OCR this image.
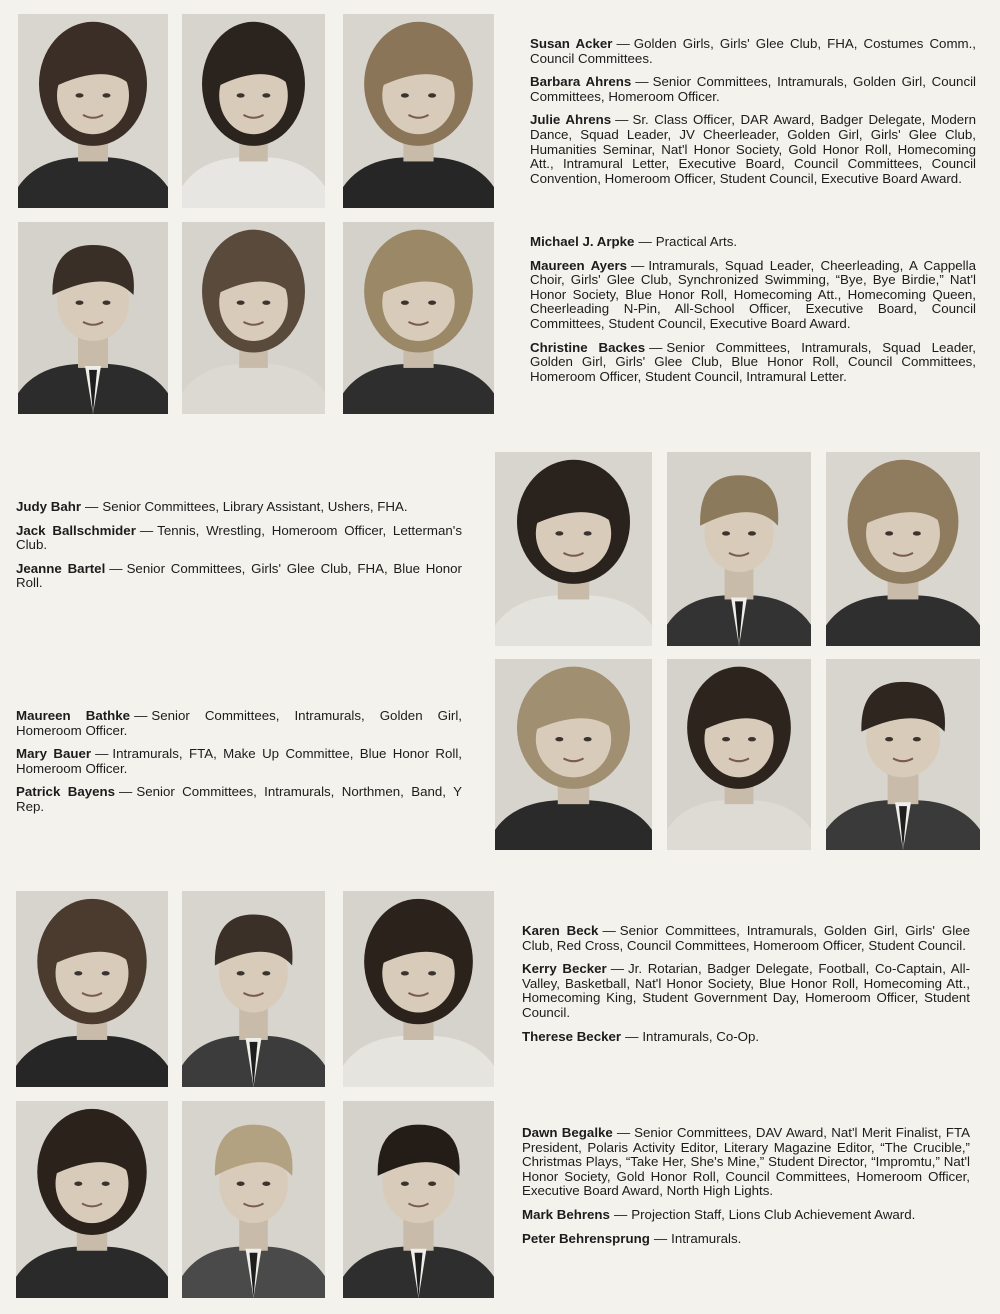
Susan Acker — Golden Girls, Girls' Glee Club, FHA, Costumes Comm., Council Committees.

Barbara Ahrens — Senior Committees, Intramurals, Golden Girl, Council Committees, Homeroom Officer.

Julie Ahrens — Sr. Class Officer, DAR Award, Badger Delegate, Modern Dance, Squad Leader, JV Cheerleader, Golden Girl, Girls' Glee Club, Humanities Seminar, Nat'l Honor Society, Gold Honor Roll, Homecoming Att., Intramural Letter, Executive Board, Council Committees, Council Convention, Homeroom Officer, Student Council, Executive Board Award.

Michael J. Arpke — Practical Arts.

Maureen Ayers — Intramurals, Squad Leader, Cheerleading, A Cappella Choir, Girls' Glee Club, Synchronized Swimming, “Bye, Bye Birdie,” Nat'l Honor Society, Blue Honor Roll, Homecoming Att., Homecoming Queen, Cheerleading N-Pin, All-School Officer, Executive Board, Council Committees, Student Council, Executive Board Award.

Christine Backes — Senior Committees, Intramurals, Squad Leader, Golden Girl, Girls' Glee Club, Blue Honor Roll, Council Committees, Homeroom Officer, Student Council, Intramural Letter.

Judy Bahr — Senior Committees, Library Assistant, Ushers, FHA.

Jack Ballschmider — Tennis, Wrestling, Homeroom Officer, Letterman's Club.

Jeanne Bartel — Senior Committees, Girls' Glee Club, FHA, Blue Honor Roll.

Maureen Bathke — Senior Committees, Intramurals, Golden Girl, Homeroom Officer.

Mary Bauer — Intramurals, FTA, Make Up Committee, Blue Honor Roll, Homeroom Officer.

Patrick Bayens — Senior Committees, Intramurals, Northmen, Band, Y Rep.

Karen Beck — Senior Committees, Intramurals, Golden Girl, Girls' Glee Club, Red Cross, Council Committees, Homeroom Officer, Student Council.

Kerry Becker — Jr. Rotarian, Badger Delegate, Football, Co-Captain, All-Valley, Basketball, Nat'l Honor Society, Blue Honor Roll, Homecoming Att., Homecoming King, Student Government Day, Homeroom Officer, Student Council.

Therese Becker — Intramurals, Co-Op.

Dawn Begalke — Senior Committees, DAV Award, Nat'l Merit Finalist, FTA President, Polaris Activity Editor, Literary Magazine Editor, “The Crucible,” Christmas Plays, “Take Her, She's Mine,” Student Director, “Impromtu,” Nat'l Honor Society, Gold Honor Roll, Council Committees, Homeroom Officer, Executive Board Award, North High Lights.

Mark Behrens — Projection Staff, Lions Club Achievement Award.

Peter Behrensprung — Intramurals.
